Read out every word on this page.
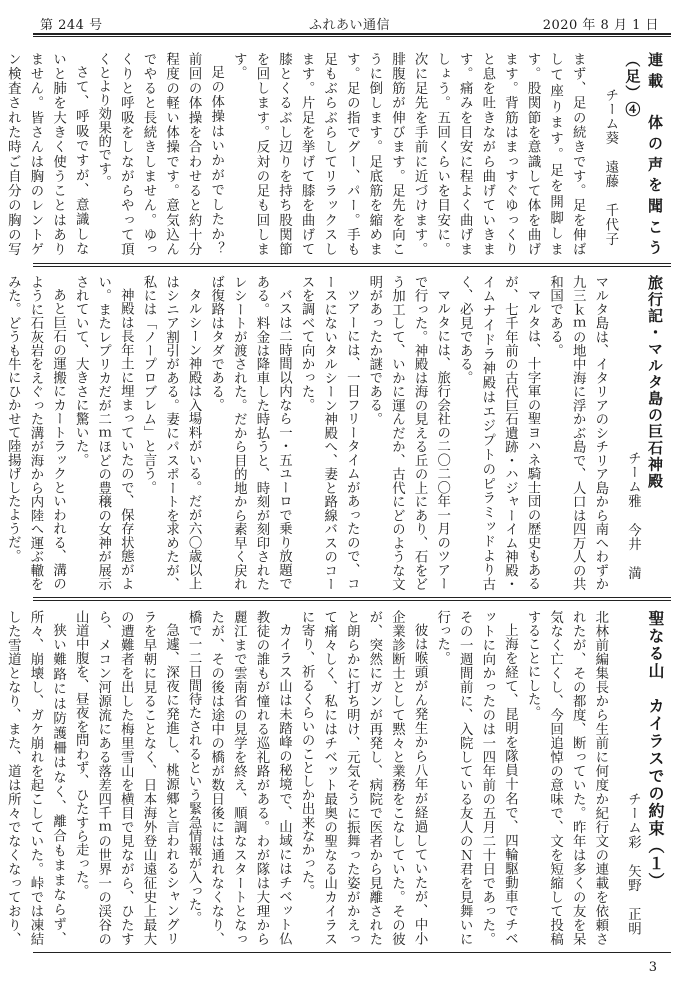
第 244 号	ふれあい通信	2020 年 8 月 1 日
連載　体の声を聞こう（足）④

チーム葵　遠藤　千代子
まず、足の続きです。足を伸ばして座ります。足を開脚します。股関節を意識して体を曲げます。背筋はまっすぐゆっくりと息を吐きながら曲げていきます。痛みを目安に程よく曲げましょう。五回くらいを目安に。次に足先を手前に近づけます。腓腹筋が伸びます。足先を向こうに倒します。足底筋を縮めます。足の指でグー、パー。手も足もぶらぶらしてリラックスします。片足を挙げて膝を曲げて膝とくるぶし辺りを持ち股関節を回します。反対の足も回します。
足の体操はいかがでしたか？前回の体操を合わせると約十分程度の軽い体操です。意気込んでやると長続きしません。ゆっくりと呼吸をしながらやって頂くとより効果的です。
さて、呼吸ですが、意識しないと肺を大きく使うことはありません。皆さんは胸のレントゲン検査された時ご自分の胸の写
旅行記・マルタ島の巨石神殿

チーム雅　今井　満
マルタ島は、イタリアのシチリア島から南へわずか九三ｋｍの地中海に浮かぶ島で、人口は四万人の共和国である。
マルタは、十字軍の聖ヨハネ騎士団の歴史もあるが、七千年前の古代巨石遺跡・ハジャーイム神殿・イムナイドラ神殿はエジプトのピラミッドより古く、必見である。
マルタには、旅行会社の二〇二〇年一月のツアーで行った。神殿は海の見える丘の上にあり、石をどう加工して、いかに運んだか、古代にどのような文明があったか謎である。
ツアーには、一日フリータイムがあったので、コースにないタルシーン神殿へ、妻と路線バスのコースを調べて向かった。
バスは二時間以内なら一・五ユーロで乗り放題である。料金は降車した時払うと、時刻が刻印されたレシートが渡された。だから目的地から素早く戻れば復路はタダである。
タルシーン神殿は入場料がいる。だが六〇歳以上はシニア割引がある。妻にパスポートを求めたが、私には「ノープロブレム」と言う。
神殿は長年土に埋まっていたので、保存状態がよい。またレプリカだが二ｍほどの豊穣の女神が展示されていて、大きさに驚いた。
あと巨石の運搬にカートラックといわれる、溝のように石灰岩をえぐった溝が海から内陸へ運ぶ轍をみた。どうも牛にひかせて陸揚げしたようだ。
聖なる山　カイラスでの約束（１）

チーム彩　矢野　正明
北林前編集長から生前に何度か紀行文の連載を依頼されたが、その都度、断っていた。昨年は多くの友を呆気なく亡くし、今回追悼の意味で、文を短縮して投稿することにした。
上海を経て、昆明を隊員十名で、四輪駆動車でチベットに向かったのは一四年前の五月二十日であった。その一週間前に、入院している友人のＮ君を見舞いに行った。
彼は喉頭がん発生から八年が経過していたが、中小企業診断士として黙々と業務をこなしていた。その彼が、突然にガンが再発し、病院で医者から見離されたと朗らかに打ち明け、元気そうに振舞った姿がかえって痛々しく、私にはチベット最奥の聖なる山カイラスに寄り、祈るくらいのことしか出来なかった。
カイラス山は未踏峰の秘境で、山域にはチベット仏教徒の誰もが憧れる巡礼路がある。わが隊は大理から麗江まで雲南省の見学を終え、順調なスタートとなったが、その後は途中の橋が数日後には通れなくなり、橋で一二日間待たされるという緊急情報が入った。
急遽、深夜に発進し、桃源郷と言われるシャングリラを早朝に見ることなく、日本海外登山遠征史上最大の遭難者を出した梅里雪山を横目で見ながら、ひたすら、メコン河源流にある落差四千ｍの世界一の渓谷の山道中腹を、昼夜を問わず、ひたすら走った。
狭い難路には防護柵はなく、離合もままならず、所々、崩壊し、ガケ崩れを起こしていた。峠では凍結した雪道となり、また、道は所々でなくなっており、
3
